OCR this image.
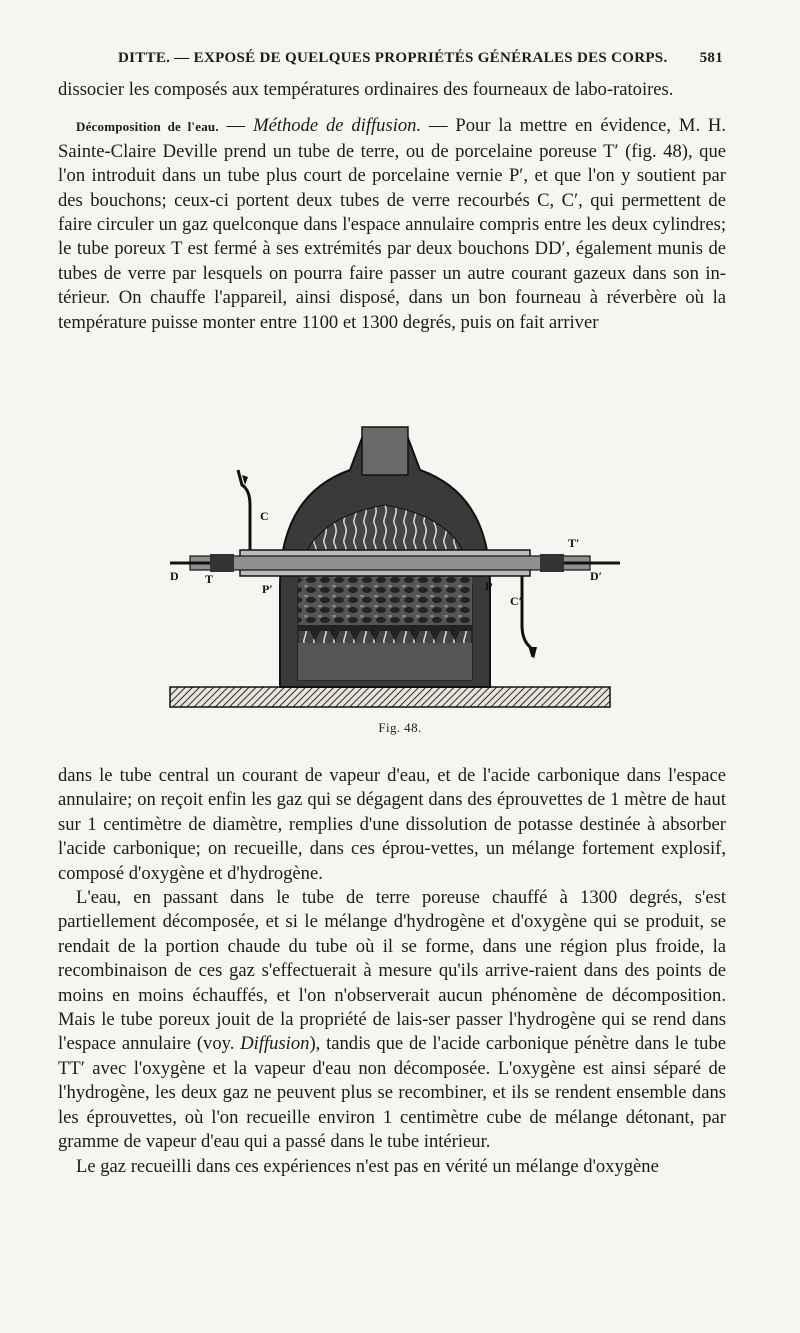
DITTE. — EXPOSÉ DE QUELQUES PROPRIÉTÉS GÉNÉRALES DES CORPS. 581

dissocier les composés aux températures ordinaires des fourneaux de labo-ratoires.

Décomposition de l'eau. — Méthode de diffusion. — Pour la mettre en évidence, M. H. Sainte-Claire Deville prend un tube de terre, ou de porcelaine poreuse T′ (fig. 48), que l'on introduit dans un tube plus court de porcelaine vernie P′, et que l'on y soutient par des bouchons; ceux-ci portent deux tubes de verre recourbés C, C′, qui permettent de faire circuler un gaz quelconque dans l'espace annulaire compris entre les deux cylindres; le tube poreux T est fermé à ses extrémités par deux bouchons DD′, également munis de tubes de verre par lesquels on pourra faire passer un autre courant gazeux dans son in-térieur. On chauffe l'appareil, ainsi disposé, dans un bon fourneau à réverbère où la température puisse monter entre 1100 et 1300 degrés, puis on fait arriver

C
C′
D	D′
T
T′
P
P′
Fig. 48.

dans le tube central un courant de vapeur d'eau, et de l'acide carbonique dans l'espace annulaire; on reçoit enfin les gaz qui se dégagent dans des éprouvettes de 1 mètre de haut sur 1 centimètre de diamètre, remplies d'une dissolution de potasse destinée à absorber l'acide carbonique; on recueille, dans ces éprou-vettes, un mélange fortement explosif, composé d'oxygène et d'hydrogène.

L'eau, en passant dans le tube de terre poreuse chauffé à 1300 degrés, s'est partiellement décomposée, et si le mélange d'hydrogène et d'oxygène qui se produit, se rendait de la portion chaude du tube où il se forme, dans une région plus froide, la recombinaison de ces gaz s'effectuerait à mesure qu'ils arrive-raient dans des points de moins en moins échauffés, et l'on n'observerait aucun phénomène de décomposition. Mais le tube poreux jouit de la propriété de lais-ser passer l'hydrogène qui se rend dans l'espace annulaire (voy. Diffusion), tandis que de l'acide carbonique pénètre dans le tube TT′ avec l'oxygène et la vapeur d'eau non décomposée. L'oxygène est ainsi séparé de l'hydrogène, les deux gaz ne peuvent plus se recombiner, et ils se rendent ensemble dans les éprouvettes, où l'on recueille environ 1 centimètre cube de mélange détonant, par gramme de vapeur d'eau qui a passé dans le tube intérieur.

Le gaz recueilli dans ces expériences n'est pas en vérité un mélange d'oxygène
